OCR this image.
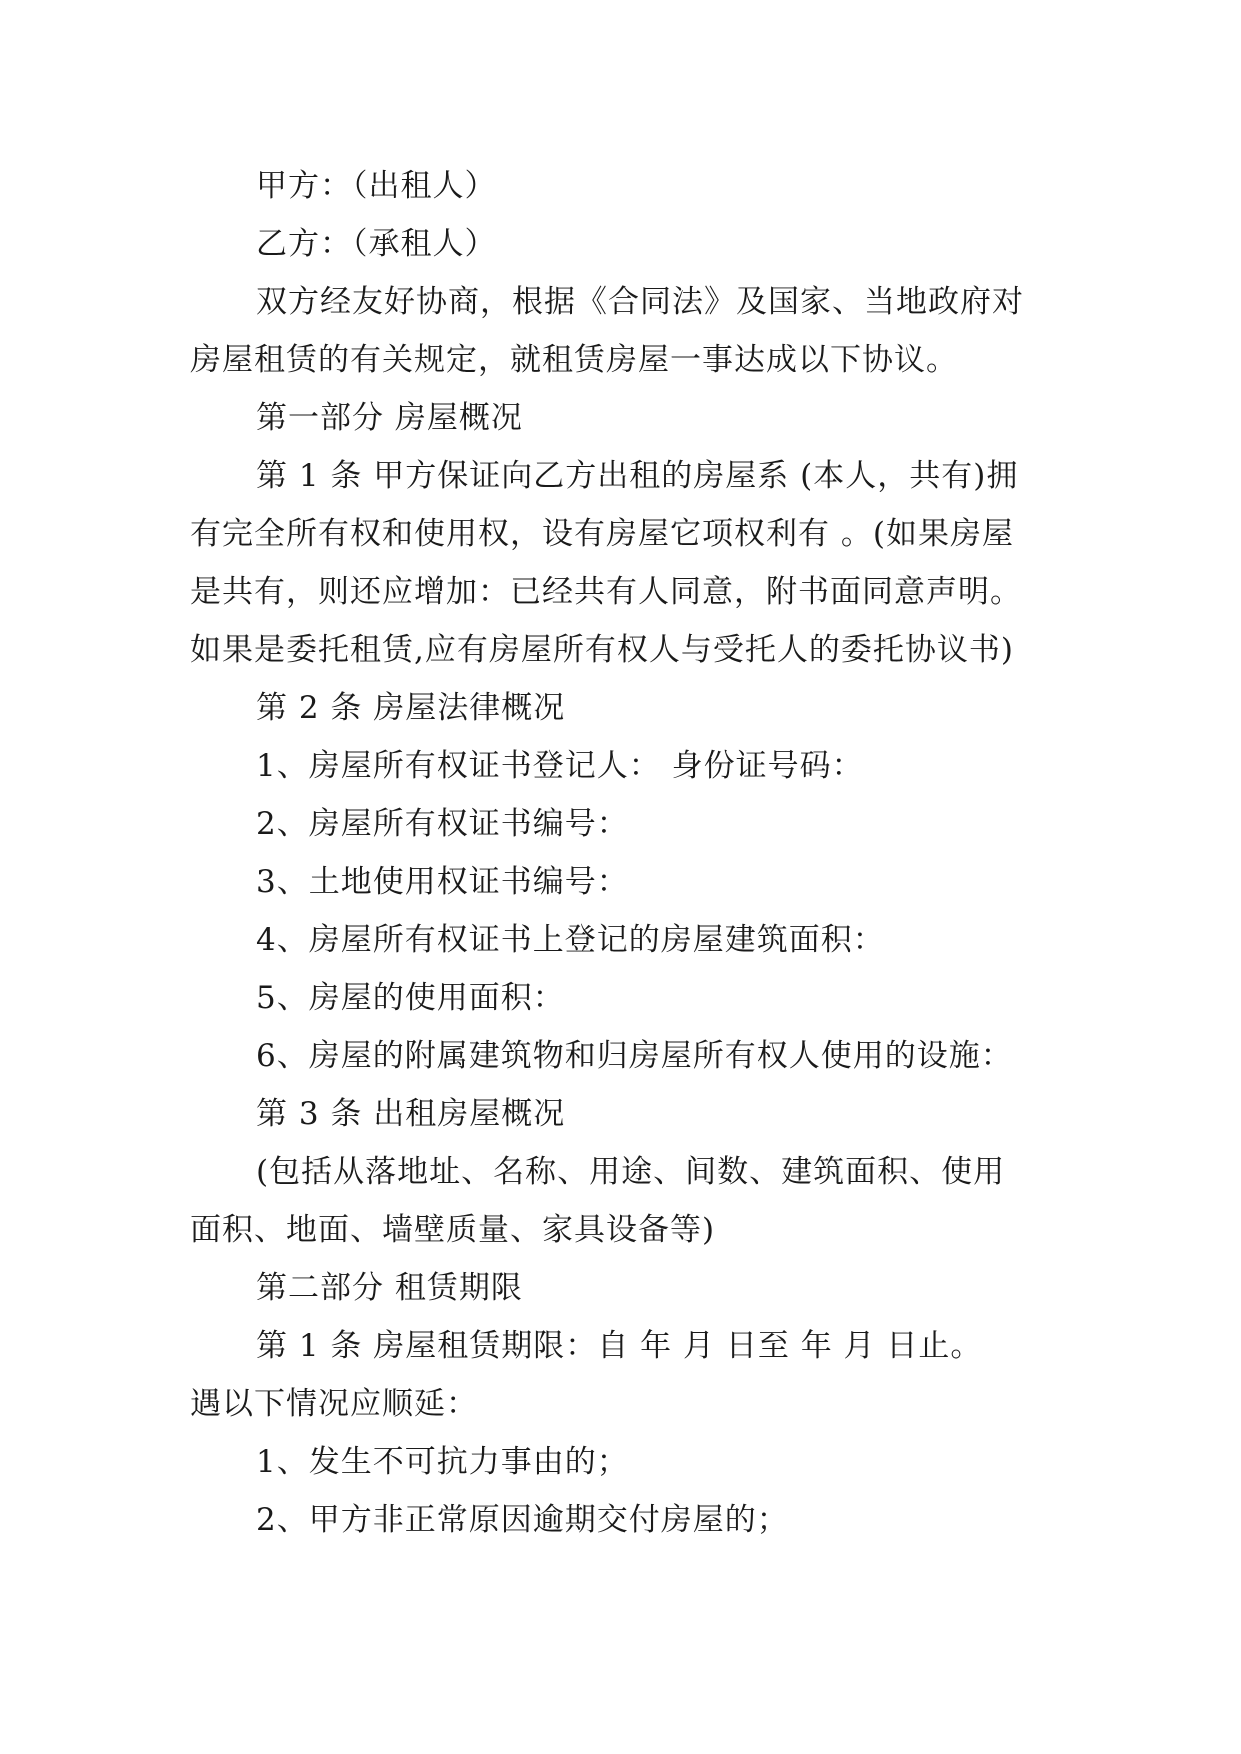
甲方：（出租人）
乙方：（承租人）
双方经友好协商，根据《合同法》及国家、当地政府对
房屋租赁的有关规定，就租赁房屋一事达成以下协议。
第一部分 房屋概况
第 1 条 甲方保证向乙方出租的房屋系 (本人，共有)拥
有完全所有权和使用权，设有房屋它项权利有 。(如果房屋
是共有，则还应增加：已经共有人同意，附书面同意声明。
如果是委托租赁,应有房屋所有权人与受托人的委托协议书)
第 2 条 房屋法律概况
1、房屋所有权证书登记人： 身份证号码：
2、房屋所有权证书编号：
3、土地使用权证书编号：
4、房屋所有权证书上登记的房屋建筑面积：
5、房屋的使用面积：
6、房屋的附属建筑物和归房屋所有权人使用的设施：
第 3 条 出租房屋概况
(包括从落地址、名称、用途、间数、建筑面积、使用
面积、地面、墙壁质量、家具设备等)
第二部分 租赁期限
第 1 条 房屋租赁期限：自 年 月 日至 年 月 日止。
遇以下情况应顺延：
1、发生不可抗力事由的；
2、甲方非正常原因逾期交付房屋的；
